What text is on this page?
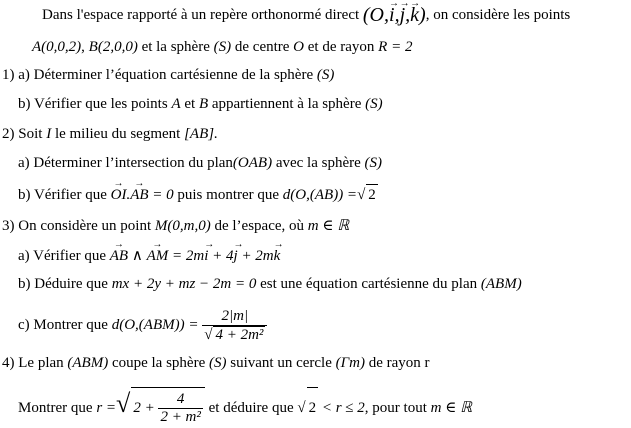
Dans l'espace rapporté à un repère orthonormé direct (O,→ i,→ j,→ k), on considère les points
A(0,0,2), B(2,0,0) et la sphère (S) de centre O et de rayon R = 2
1) a) Déterminer l’équation cartésienne de la sphère (S)
b) Vérifier que les points A et B appartiennent à la sphère (S)
2) Soit I le milieu du segment [AB].
a) Déterminer l’intersection du plan(OAB) avec la sphère (S)
b) Vérifier que → OI.→ AB = 0 puis montrer que d(O,(AB)) =√ 2
3) On considère un point M(0,m,0) de l’espace, où m ∈ ℝ
a) Vérifier que → AB ∧ → AM = 2m→ i + 4→ j + 2m→ k
b) Déduire que mx + 2y + mz − 2m = 0 est une équation cartésienne du plan (ABM)
c) Montrer que $d(O,(ABM)) = \frac{2|m|}{\text{√ 4 + 2m²}}$
4) Le plan (ABM) coupe la sphère (S) suivant un cercle (Γm) de rayon r
Montrer que r =√ $2 + \frac{4}{\text{2 + m²}}$ et déduire que √ 2 < r ≤ 2, pour tout m ∈ ℝ
